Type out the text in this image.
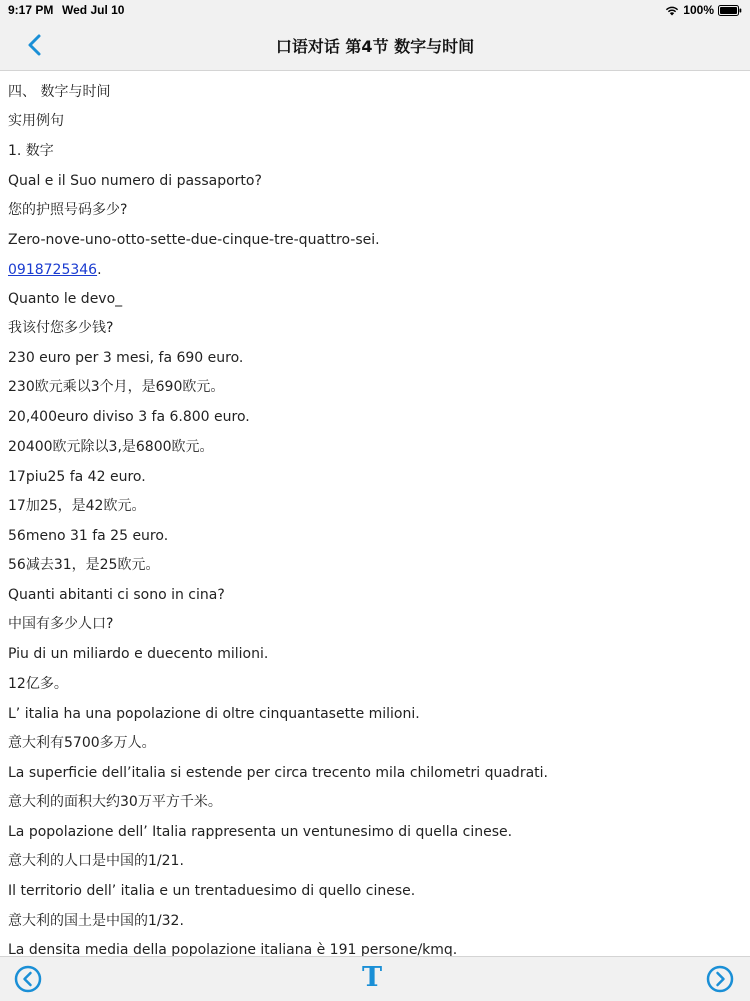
9:17 PM Wed Jul 10	100%
口语对话 第4节 数字与时间
四、 数字与时间
实用例句
1. 数字
Qual e il Suo numero di passaporto?
您的护照号码多少?
Zero-nove-uno-otto-sette-due-cinque-tre-quattro-sei.
0918725346.
Quanto le devo_
我该付您多少钱?
230 euro per 3 mesi, fa 690 euro.
230欧元乘以3个月，是690欧元。
20,400euro diviso 3 fa 6.800 euro.
20400欧元除以3,是6800欧元。
17piu25 fa 42 euro.
17加25，是42欧元。
56meno 31 fa 25 euro.
56减去31，是25欧元。
Quanti abitanti ci sono in cina?
中国有多少人口?
Piu di un miliardo e duecento milioni.
12亿多。
L’ italia ha una popolazione di oltre cinquantasette milioni.
意大利有5700多万人。
La superficie dell’italia si estende per circa trecento mila chilometri quadrati.
意大利的面积大约30万平方千米。
La popolazione dell’ Italia rappresenta un ventunesimo di quella cinese.
意大利的人口是中国的1/21.
Il territorio dell’ italia e un trentaduesimo di quello cinese.
意大利的国土是中国的1/32.
La densita media della popolazione italiana è 191 persone/kmq.
T
